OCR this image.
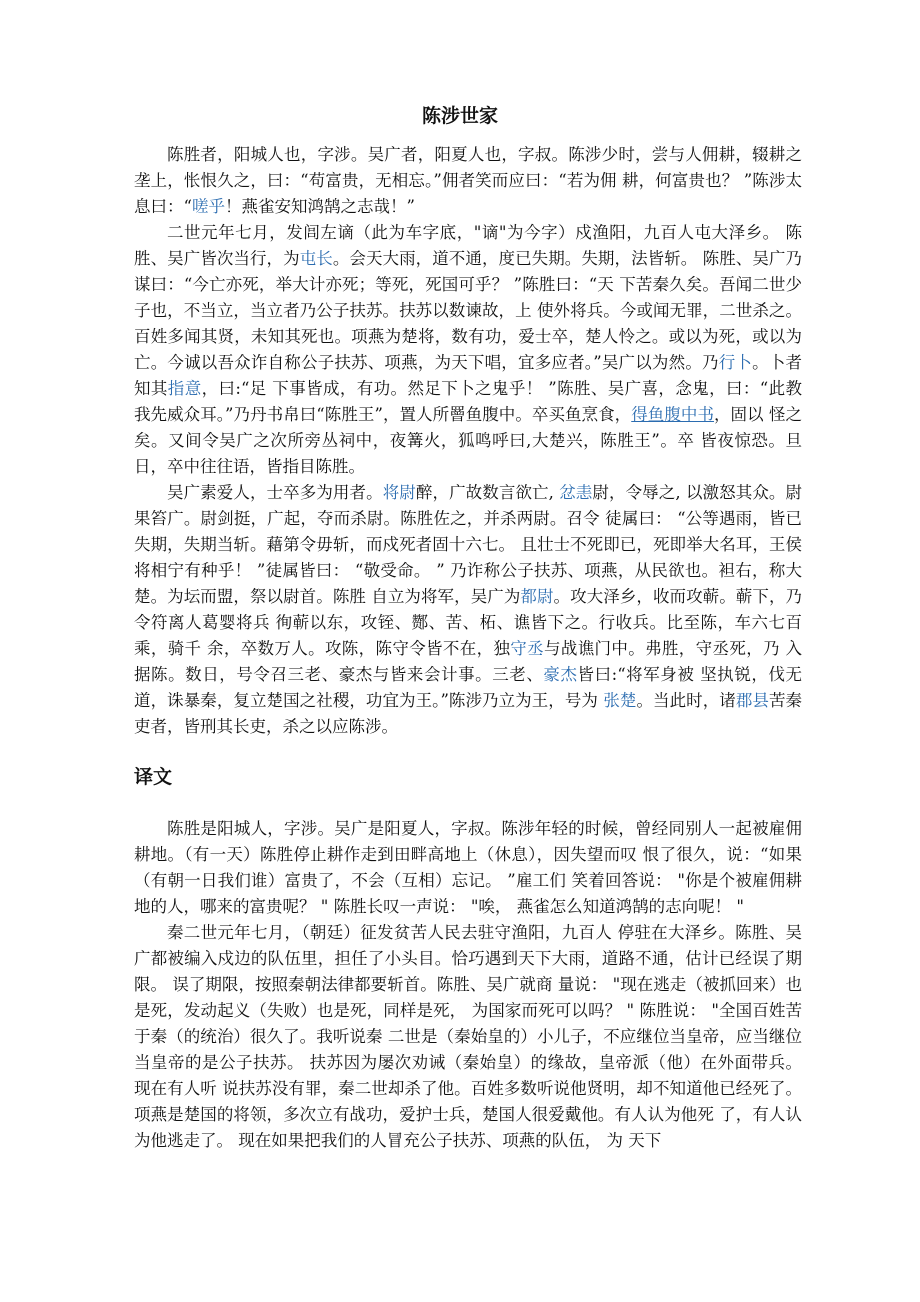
陈涉世家

陈胜者，阳城人也，字涉。吴广者，阳夏人也，字叔。陈涉少时，尝与人佣耕，辍耕之垄上，怅恨久之，曰：“苟富贵，无相忘。”佣者笑而应曰：“若为佣 耕，何富贵也？ ”陈涉太息曰：“嗟乎！燕雀安知鸿鹄之志哉！”

二世元年七月，发闾左谪（此为车字底，"谪"为今字）戍渔阳，九百人屯大泽乡。 陈胜、吴广皆次当行，为屯长。会天大雨，道不通，度已失期。失期，法皆斩。 陈胜、吴广乃谋曰：“今亡亦死，举大计亦死；等死，死国可乎？ ”陈胜曰：“天 下苦秦久矣。吾闻二世少子也，不当立，当立者乃公子扶苏。扶苏以数谏故，上 使外将兵。今或闻无罪，二世杀之。百姓多闻其贤，未知其死也。项燕为楚将，数有功，爱士卒，楚人怜之。或以为死，或以为亡。今诚以吾众诈自称公子扶苏、项燕，为天下唱，宜多应者。”吴广以为然。乃行卜。卜者知其指意，曰:“足 下事皆成，有功。然足下卜之鬼乎！ ”陈胜、吴广喜，念鬼，曰：“此教我先威众耳。”乃丹书帛曰“陈胜王”，置人所罾鱼腹中。卒买鱼烹食，得鱼腹中书，固以 怪之矣。又间令吴广之次所旁丛祠中，夜篝火，狐鸣呼曰,大楚兴，陈胜王”。卒 皆夜惊恐。旦日，卒中往往语，皆指目陈胜。

吴广素爱人，士卒多为用者。将尉醉，广故数言欲亡, 忿恚尉，令辱之, 以激怒其众。尉果笞广。尉剑挺，广起，夺而杀尉。陈胜佐之，并杀两尉。召令 徒属曰： “公等遇雨，皆已失期，失期当斩。藉第令毋斩，而戍死者固十六七。 且壮士不死即已，死即举大名耳，王侯将相宁有种乎！ ”徒属皆曰： “敬受命。 ” 乃诈称公子扶苏、项燕，从民欲也。袒右，称大楚。为坛而盟，祭以尉首。陈胜 自立为将军，吴广为都尉。攻大泽乡，收而攻蕲。蕲下，乃令符离人葛婴将兵 徇蕲以东，攻铚、酂、苦、柘、谯皆下之。行收兵。比至陈，车六七百乘，骑千 余，卒数万人。攻陈，陈守令皆不在，独守丞与战谯门中。弗胜，守丞死，乃 入据陈。数日，号令召三老、豪杰与皆来会计事。三老、豪杰皆曰:“将军身被 坚执锐，伐无道，诛暴秦，复立楚国之社稷，功宜为王。”陈涉乃立为王，号为 张楚。当此时，诸郡县苦秦吏者，皆刑其长吏，杀之以应陈涉。

译文

陈胜是阳城人，字涉。吴广是阳夏人，字叔。陈涉年轻的时候，曾经同别人一起被雇佣耕地。（有一天）陈胜停止耕作走到田畔高地上（休息），因失望而叹 恨了很久，说：“如果（有朝一日我们谁）富贵了，不会（互相）忘记。 ”雇工们 笑着回答说： "你是个被雇佣耕地的人，哪来的富贵呢？ " 陈胜长叹一声说： "唉， 燕雀怎么知道鸿鹄的志向呢！ "

秦二世元年七月，（朝廷）征发贫苦人民去驻守渔阳，九百人 停驻在大泽乡。陈胜、吴广都被编入戍边的队伍里，担任了小头目。恰巧遇到天下大雨，道路不通，估计已经误了期限。 误了期限，按照秦朝法律都要斩首。陈胜、吴广就商 量说： "现在逃走（被抓回来）也是死，发动起义（失败）也是死，同样是死， 为国家而死可以吗？ " 陈胜说： "全国百姓苦于秦（的统治）很久了。我听说秦 二世是（秦始皇的）小儿子，不应继位当皇帝，应当继位当皇帝的是公子扶苏。 扶苏因为屡次劝诫（秦始皇）的缘故，皇帝派（他）在外面带兵。 现在有人听 说扶苏没有罪，秦二世却杀了他。百姓多数听说他贤明，却不知道他已经死了。 项燕是楚国的将领，多次立有战功，爱护士兵，楚国人很爱戴他。有人认为他死 了，有人认为他逃走了。 现在如果把我们的人冒充公子扶苏、项燕的队伍， 为 天下
